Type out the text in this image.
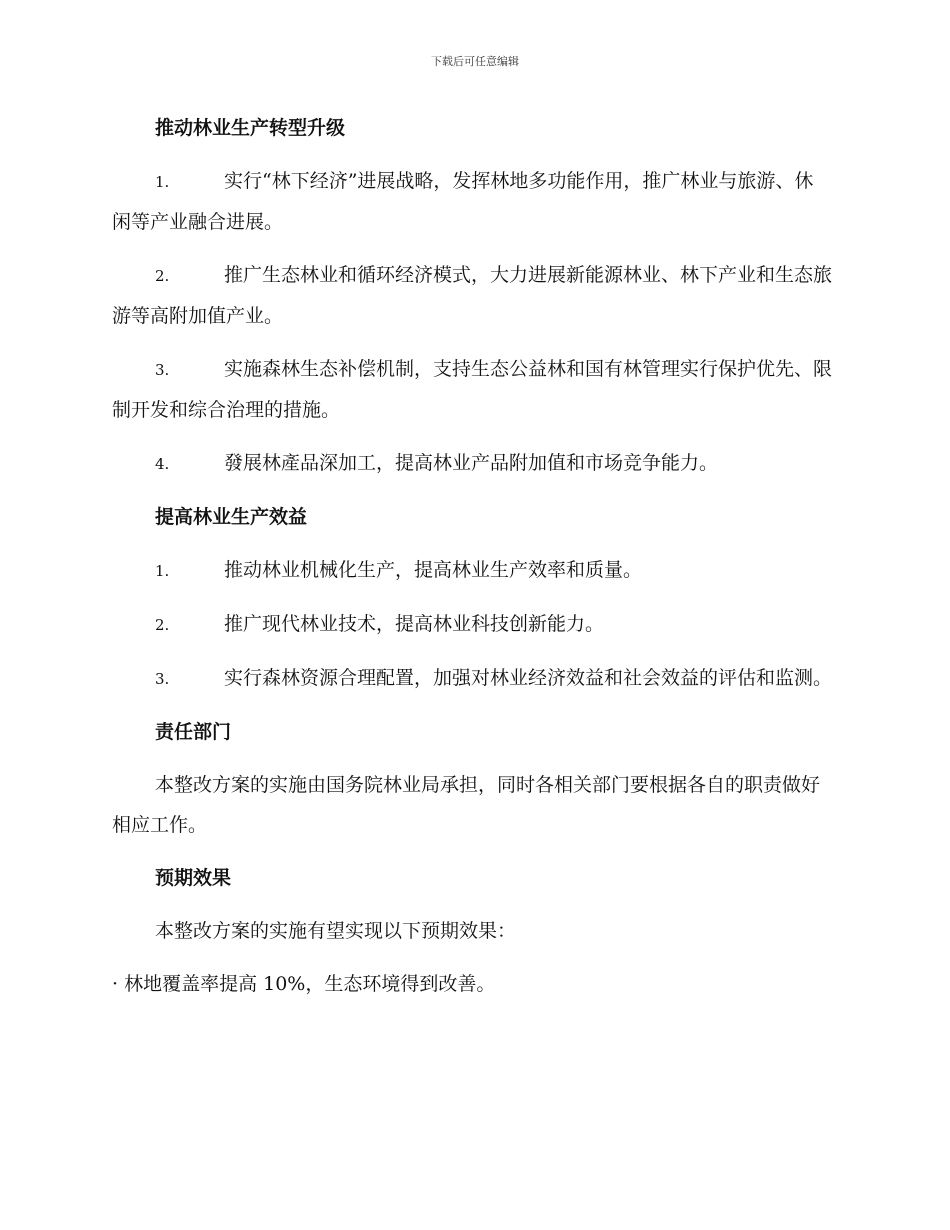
下载后可任意编辑
推动林业生产转型升级

1.	实行“林下经济”进展战略，发挥林地多功能作用，推广林业与旅游、休闲等产业融合进展。

2.	推广生态林业和循环经济模式，大力进展新能源林业、林下产业和生态旅游等高附加值产业。

3.	实施森林生态补偿机制，支持生态公益林和国有林管理实行保护优先、限制开发和综合治理的措施。

4.	發展林產品深加工，提高林业产品附加值和市场竞争能力。

提高林业生产效益

1.	推动林业机械化生产，提高林业生产效率和质量。

2.	推广现代林业技术，提高林业科技创新能力。

3.	实行森林资源合理配置，加强对林业经济效益和社会效益的评估和监测。

责任部门

本整改方案的实施由国务院林业局承担，同时各相关部门要根据各自的职责做好相应工作。

预期效果

本整改方案的实施有望实现以下预期效果：

· 林地覆盖率提高 10%，生态环境得到改善。
